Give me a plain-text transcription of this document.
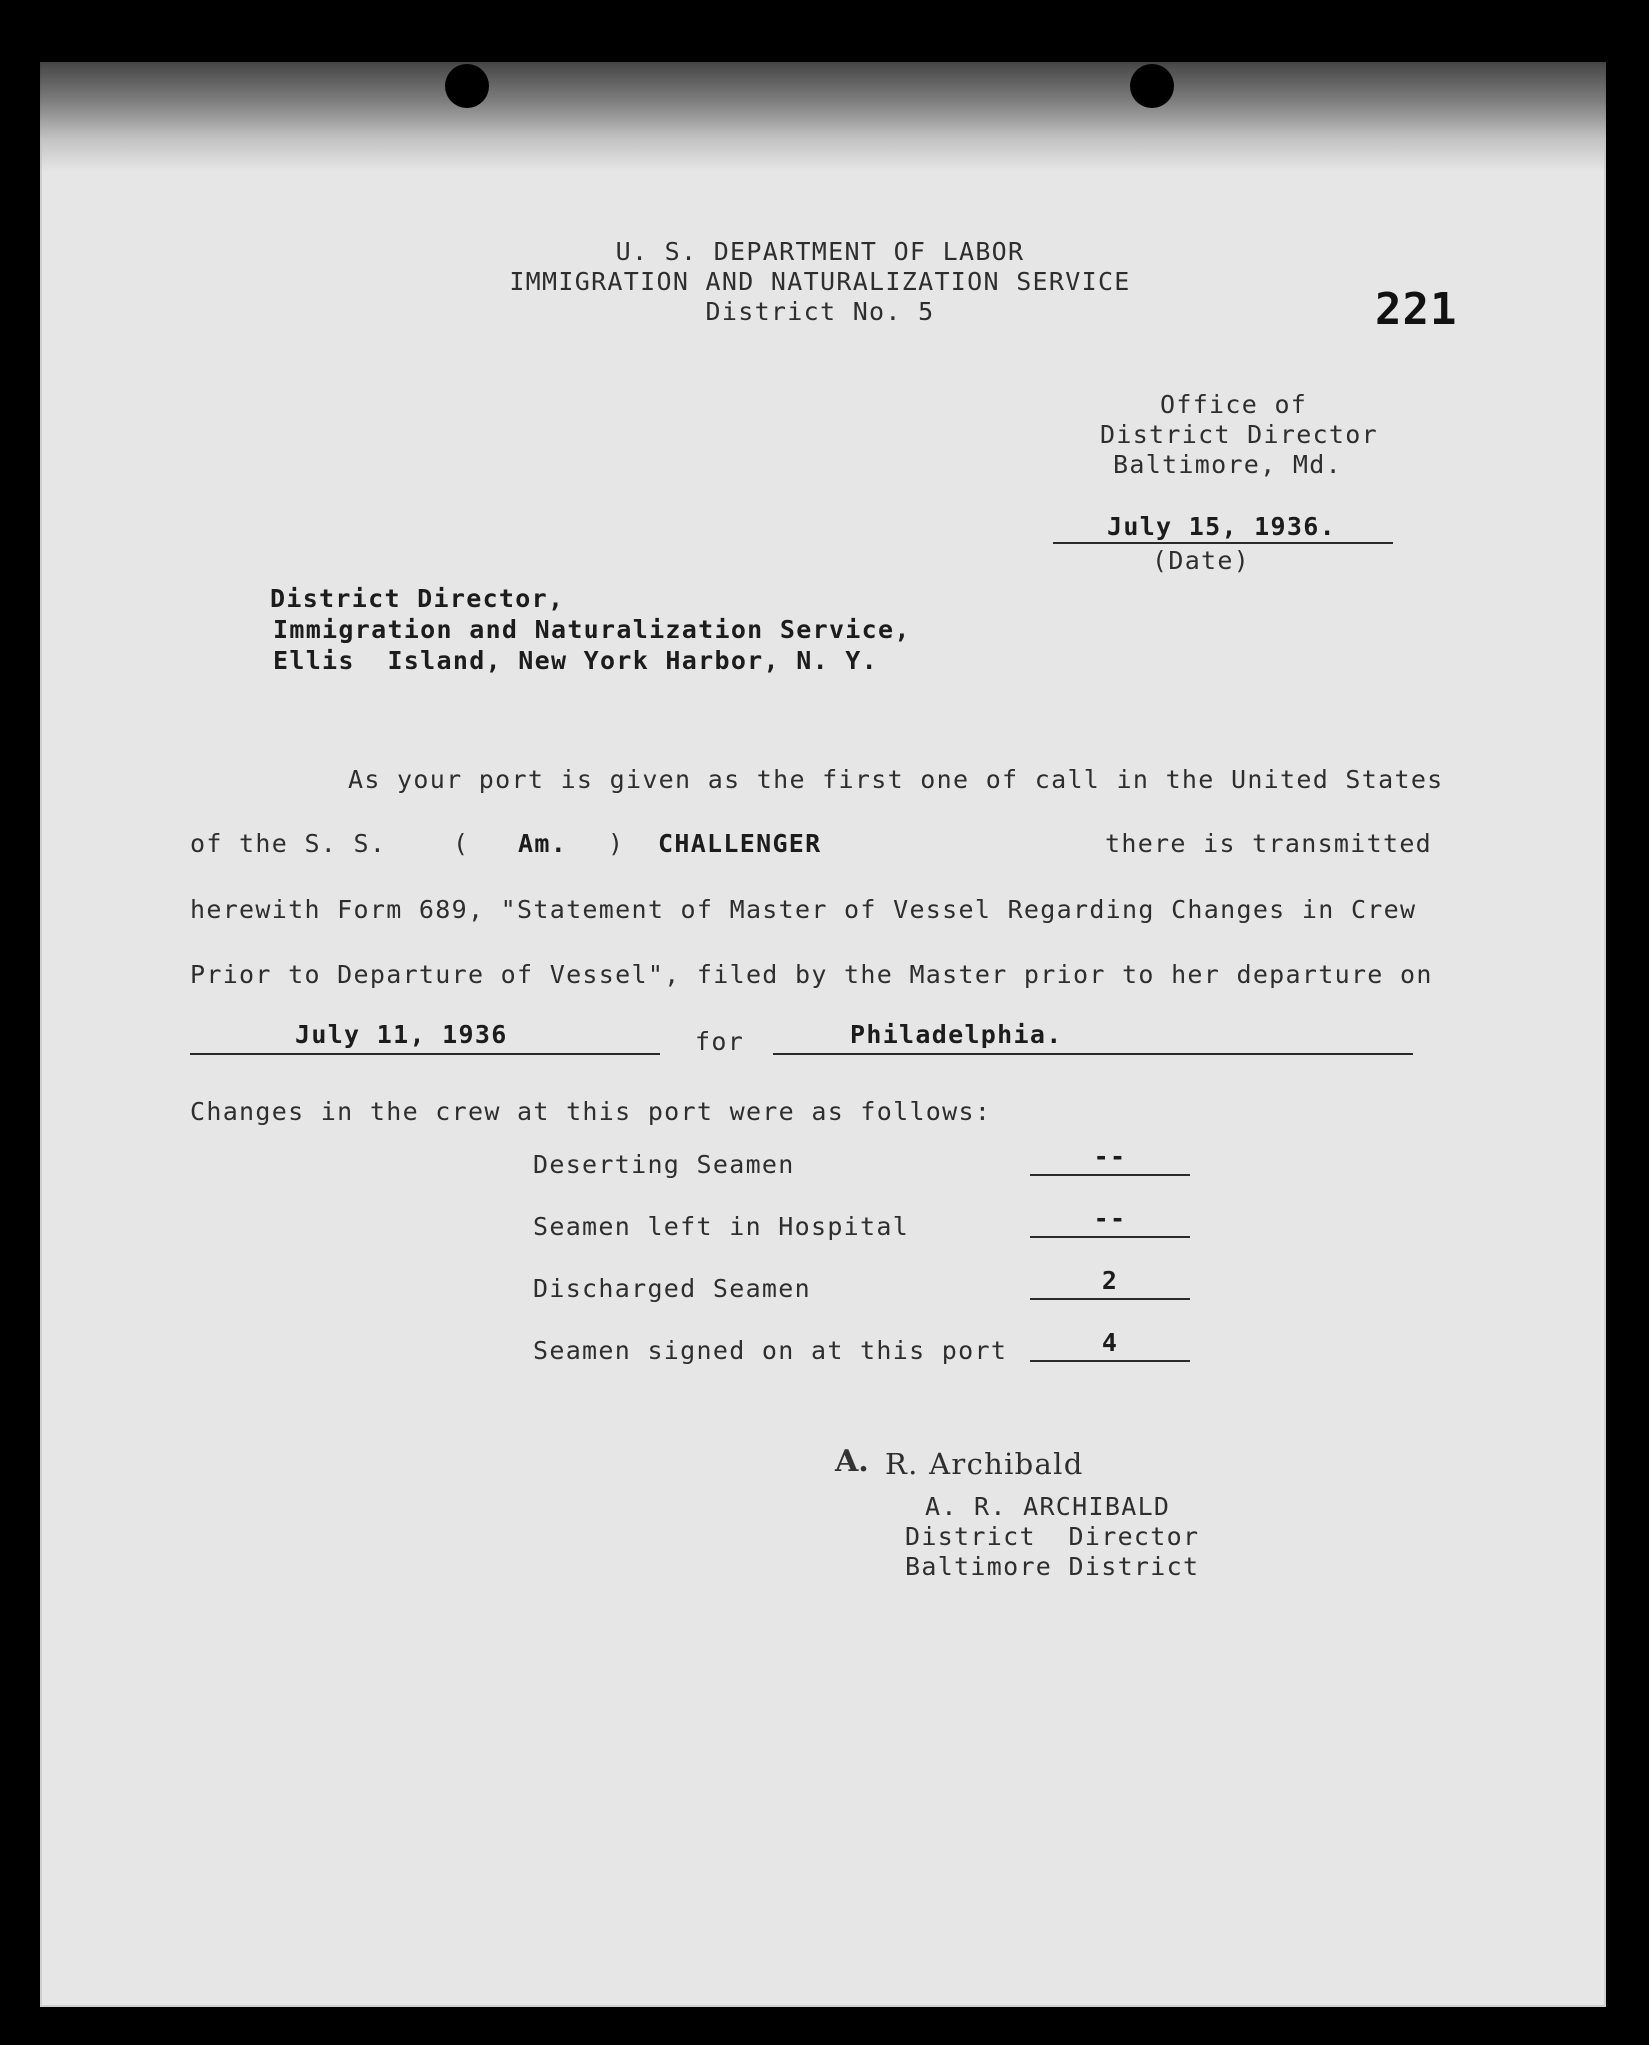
U. S. DEPARTMENT OF LABOR
IMMIGRATION AND NATURALIZATION SERVICE
District No. 5	221
Office of
District Director
Baltimore, Md.
July 15, 1936.
(Date)
District Director,
Immigration and Naturalization Service,
Ellis  Island, New York Harbor, N. Y.
As your port is given as the first one of call in the United States
of the S. S.	( Am. ) CHALLENGER	there is transmitted
herewith Form 689, "Statement of Master of Vessel Regarding Changes in Crew
Prior to Departure of Vessel", filed by the Master prior to her departure on
July 11, 1936	for	Philadelphia.
Changes in the crew at this port were as follows:
Deserting Seamen	--
Seamen left in Hospital	--
Discharged Seamen	2
Seamen signed on at this port	4
A. R. Archibald
A. R. ARCHIBALD
District  Director
Baltimore District
